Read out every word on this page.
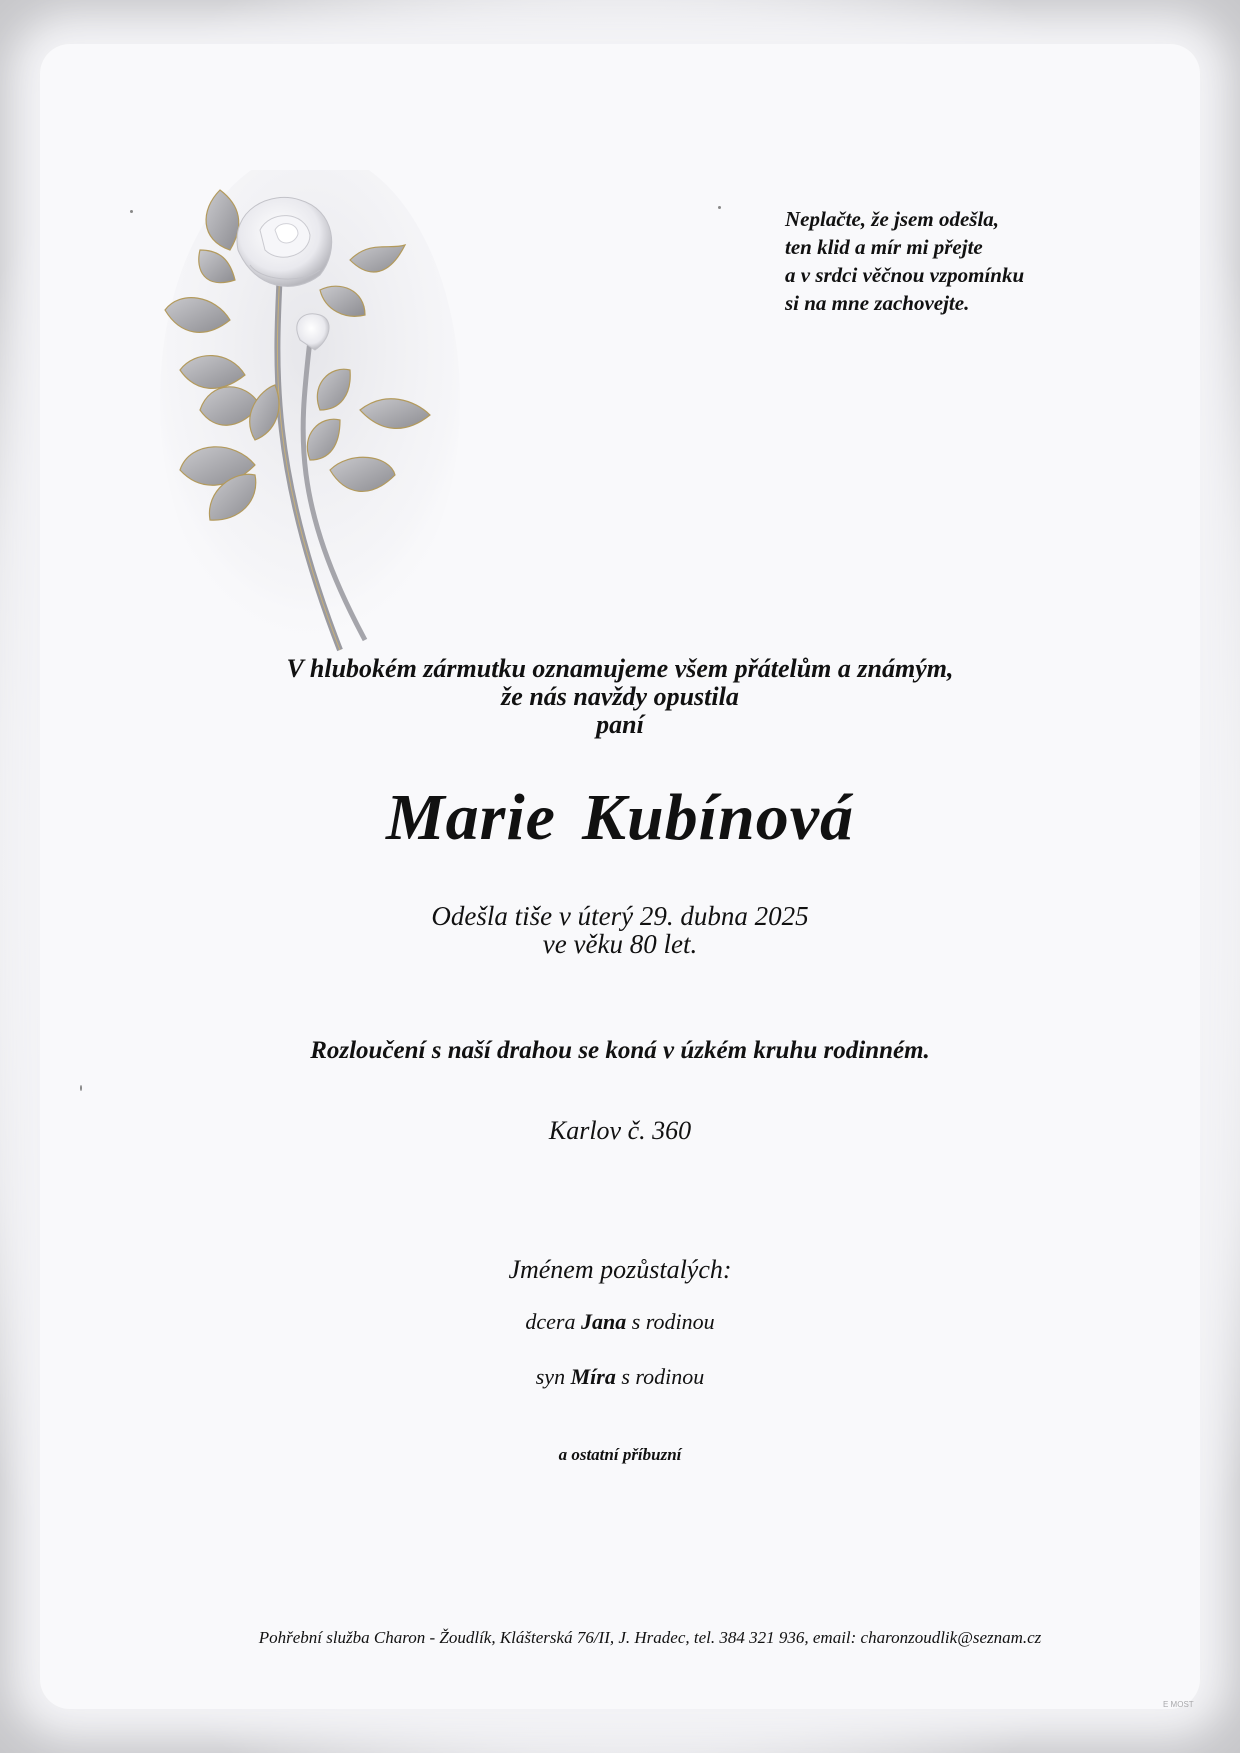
Neplačte, že jsem odešla,
ten klid a mír mi přejte
a v srdci věčnou vzpomínku
si na mne zachovejte.
V hlubokém zármutku oznamujeme všem přátelům a známým,
že nás navždy opustila
paní
Marie Kubínová
Odešla tiše v úterý 29. dubna 2025
ve věku 80 let.
Rozloučení s naší drahou se koná v úzkém kruhu rodinném.
Karlov č. 360
Jménem pozůstalých:
dcera Jana s rodinou
syn Míra s rodinou
a ostatní příbuzní
Pohřební služba Charon - Žoudlík, Klášterská 76/II, J. Hradec, tel. 384 321 936, email: charonzoudlik@seznam.cz
E MOST
